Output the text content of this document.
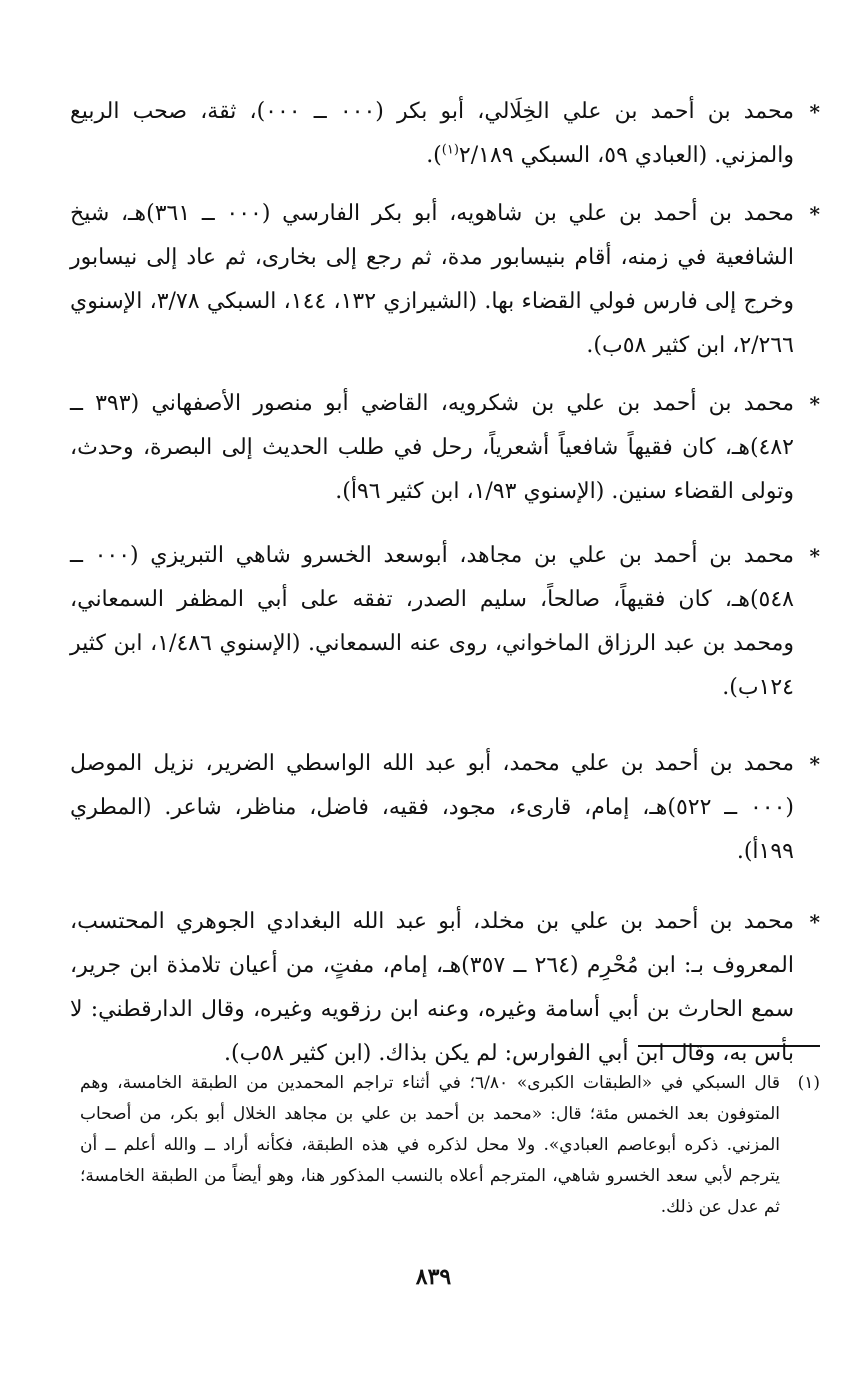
*
محمد بن أحمد بن علي الخِلَالي، أبو بكر (٠٠٠ ــ ٠٠٠)، ثقة، صحب الربيع والمزني. (العبادي ٥٩، السبكي ٢/١٨٩$^{(١)}$).

*
محمد بن أحمد بن علي بن شاهويه، أبو بكر الفارسي (٠٠٠ ــ ٣٦١)هـ، شيخ الشافعية في زمنه، أقام بنيسابور مدة، ثم رجع إلى بخارى، ثم عاد إلى نيسابور وخرج إلى فارس فولي القضاء بها. (الشيرازي ١٣٢، ١٤٤، السبكي ٣/٧٨، الإسنوي ٢/٢٦٦، ابن كثير ٥٨ب).

*
محمد بن أحمد بن علي بن شكرويه، القاضي أبو منصور الأصفهاني (٣٩٣ ــ ٤٨٢)هـ، كان فقيهاً شافعياً أشعرياً، رحل في طلب الحديث إلى البصرة، وحدث، وتولى القضاء سنين. (الإسنوي ١/٩٣، ابن كثير ٩٦أ).

*
محمد بن أحمد بن علي بن مجاهد، أبوسعد الخسرو شاهي التبريزي (٠٠٠ ــ ٥٤٨)هـ، كان فقيهاً، صالحاً، سليم الصدر، تفقه على أبي المظفر السمعاني، ومحمد بن عبد الرزاق الماخواني، روى عنه السمعاني. (الإسنوي ١/٤٨٦، ابن كثير ١٢٤ب).

*
محمد بن أحمد بن علي محمد، أبو عبد الله الواسطي الضرير، نزيل الموصل (٠٠٠ ــ ٥٢٢)هـ، إمام، قارىء، مجود، فقيه، فاضل، مناظر، شاعر. (المطري ١٩٩أ).

*
محمد بن أحمد بن علي بن مخلد، أبو عبد الله البغدادي الجوهري المحتسب، المعروف بـ: ابن مُحْرِم (٢٦٤ ــ ٣٥٧)هـ، إمام، مفتٍ، من أعيان تلامذة ابن جرير، سمع الحارث بن أبي أسامة وغيره، وعنه ابن رزقويه وغيره، وقال الدارقطني: لا بأس به، وقال ابن أبي الفوارس: لم يكن بذاك. (ابن كثير ٥٨ب).

(١)
قال السبكي في «الطبقات الكبرى» ٦/٨٠؛ في أثناء تراجم المحمدين من الطبقة الخامسة، وهم المتوفون بعد الخمس مئة؛ قال: «محمد بن أحمد بن علي بن مجاهد الخلال أبو بكر، من أصحاب المزني. ذكره أبوعاصم العبادي». ولا محل لذكره في هذه الطبقة، فكأنه أراد ــ والله أعلم ــ أن يترجم لأبي سعد الخسرو شاهي، المترجم أعلاه بالنسب المذكور هنا، وهو أيضاً من الطبقة الخامسة؛ ثم عدل عن ذلك.
٨٣٩
